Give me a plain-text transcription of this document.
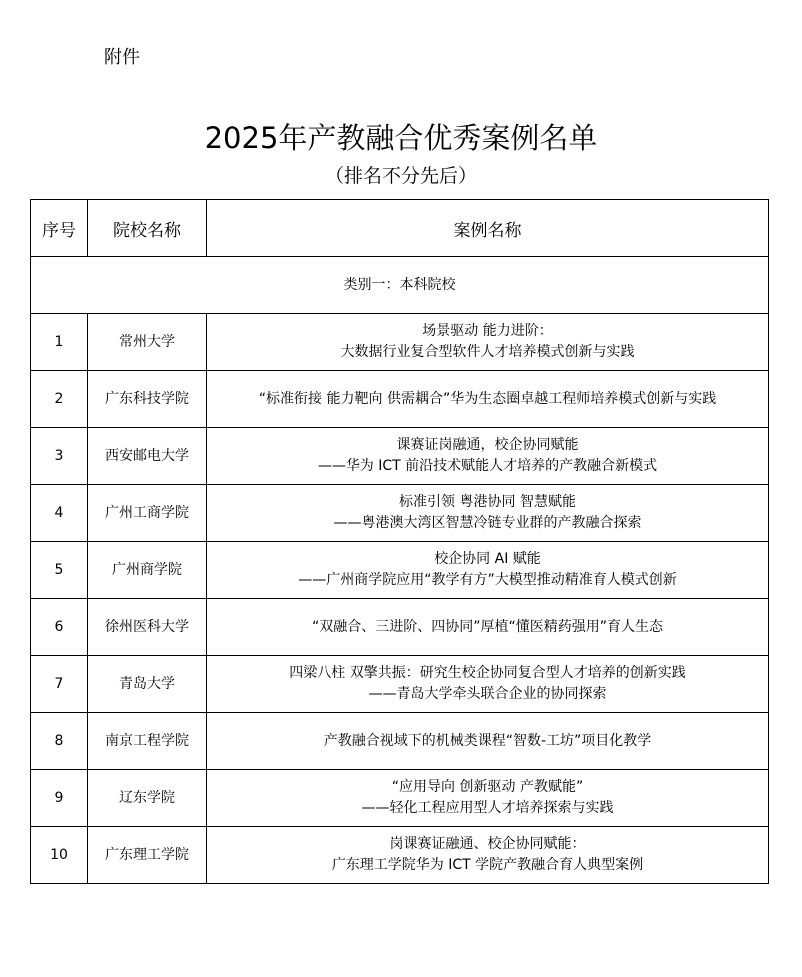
附件
2025年产教融合优秀案例名单
（排名不分先后）
序号	院校名称	案例名称
类别一：本科院校		
1	常州大学	场景驱动 能力进阶：
大数据行业复合型软件人才培养模式创新与实践

2	广东科技学院	“标准衔接 能力靶向 供需耦合”华为生态圈卓越工程师培养模式创新与实践

3	西安邮电大学	课赛证岗融通，校企协同赋能
——华为 ICT 前沿技术赋能人才培养的产教融合新模式

4	广州工商学院	标准引领 粤港协同 智慧赋能
——粤港澳大湾区智慧冷链专业群的产教融合探索

5	广州商学院	校企协同 AI 赋能
——广州商学院应用“教学有方”大模型推动精准育人模式创新

6	徐州医科大学	“双融合、三进阶、四协同”厚植“懂医精药强用”育人生态

7	青岛大学	四梁八柱 双擎共振：研究生校企协同复合型人才培养的创新实践
——青岛大学牵头联合企业的协同探索

8	南京工程学院	产教融合视域下的机械类课程“智数-工坊”项目化教学

9	辽东学院	“应用导向 创新驱动 产教赋能”
——轻化工程应用型人才培养探索与实践

10	广东理工学院	岗课赛证融通、校企协同赋能：
广东理工学院华为 ICT 学院产教融合育人典型案例
